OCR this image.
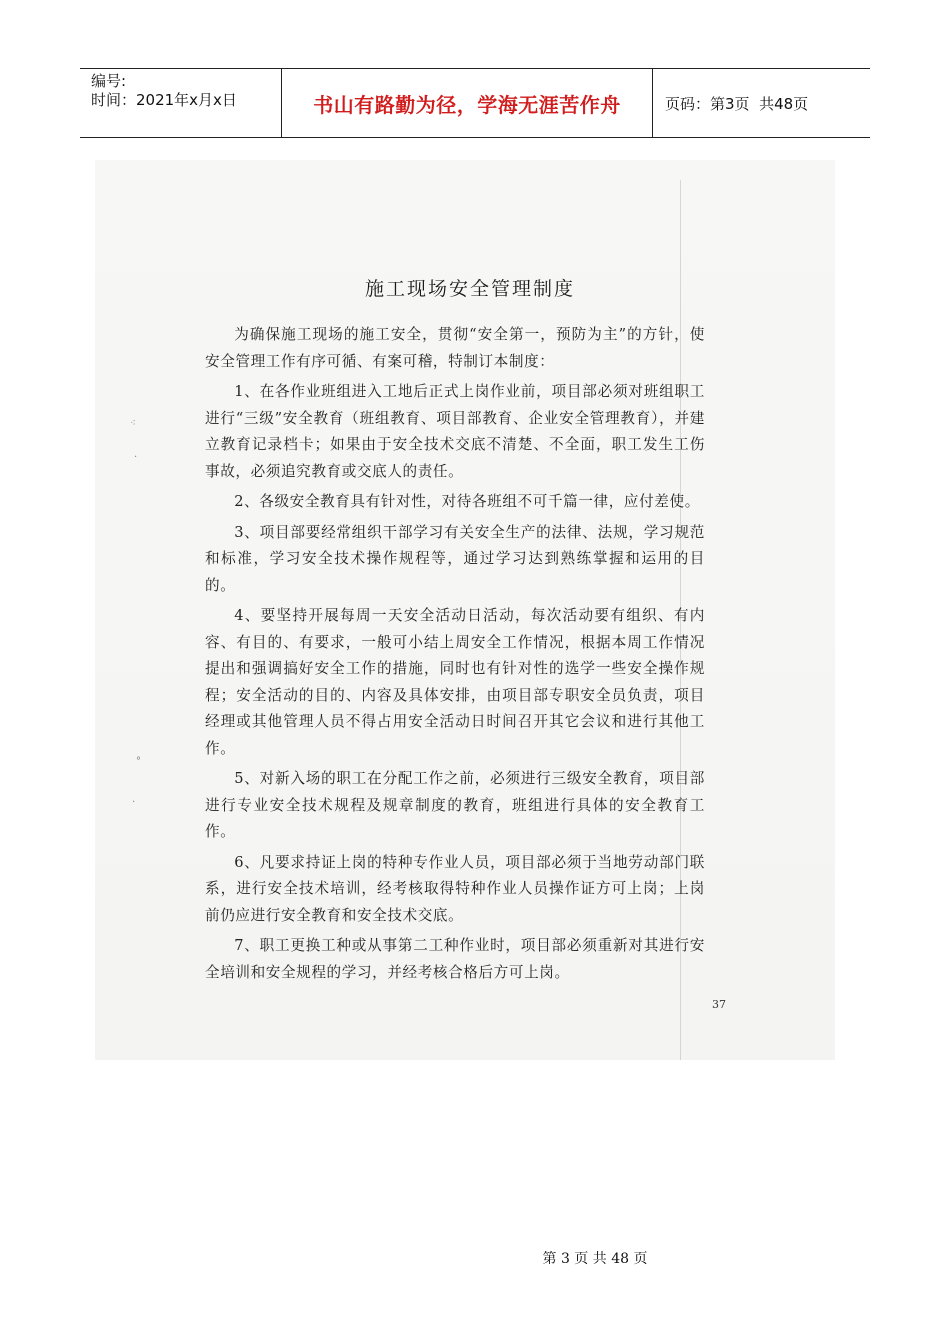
编号:
时间：2021年x月x日	书山有路勤为径，学海无涯苦作舟	页码：第3页  共48页
⁖
·
°
·
施工现场安全管理制度

为确保施工现场的施工安全，贯彻“安全第一，预防为主”的方针，使安全管理工作有序可循、有案可稽，特制订本制度：

1、在各作业班组进入工地后正式上岗作业前，项目部必须对班组职工进行“三级”安全教育（班组教育、项目部教育、企业安全管理教育），并建立教育记录档卡；如果由于安全技术交底不清楚、不全面，职工发生工伤事故，必须追究教育或交底人的责任。

2、各级安全教育具有针对性，对待各班组不可千篇一律，应付差使。

3、项目部要经常组织干部学习有关安全生产的法律、法规，学习规范和标准，学习安全技术操作规程等，通过学习达到熟练掌握和运用的目的。

4、要坚持开展每周一天安全活动日活动，每次活动要有组织、有内容、有目的、有要求，一般可小结上周安全工作情况，根据本周工作情况提出和强调搞好安全工作的措施，同时也有针对性的选学一些安全操作规程；安全活动的目的、内容及具体安排，由项目部专职安全员负责，项目经理或其他管理人员不得占用安全活动日时间召开其它会议和进行其他工作。

5、对新入场的职工在分配工作之前，必须进行三级安全教育，项目部进行专业安全技术规程及规章制度的教育，班组进行具体的安全教育工作。

6、凡要求持证上岗的特种专作业人员，项目部必须于当地劳动部门联系，进行安全技术培训，经考核取得特种作业人员操作证方可上岗；上岗前仍应进行安全教育和安全技术交底。

7、职工更换工种或从事第二工种作业时，项目部必须重新对其进行安全培训和安全规程的学习，并经考核合格后方可上岗。

37
第 3 页 共 48 页
